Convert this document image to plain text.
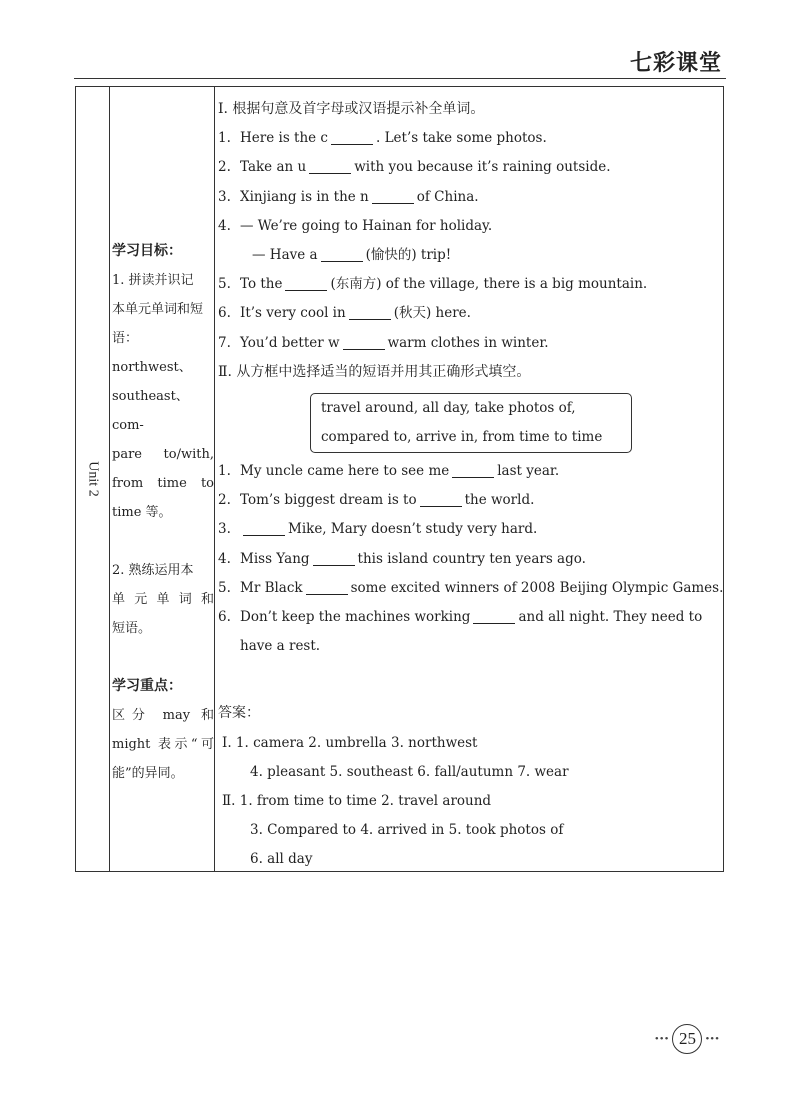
七彩课堂
Unit 2

学习目标：

1. 拼读并识记

本单元单词和短

语：northwest、

southeast、com-

pare to/with,

from time to

time 等。

2. 熟练运用本

单元单词和

短语。

学习重点：

区分 may 和

might 表示“可

能”的异同。

Ⅰ. 根据句意及首字母或汉语提示补全单词。

1. Here is the c	. Let’s take some photos.

2. Take an u	with you because it’s raining outside.

3. Xinjiang is in the n	of China.

4. — We’re going to Hainan for holiday.

— Have a	(愉快的) trip!

5. To the	(东南方) of the village, there is a big mountain.

6. It’s very cool in	(秋天) here.

7. You’d better w	warm clothes in winter.

Ⅱ. 从方框中选择适当的短语并用其正确形式填空。

travel around, all day, take photos of,

compared to, arrive in, from time to time

1. My uncle came here to see me	last year.

2. Tom’s biggest dream is to	the world.

3.	Mike, Mary doesn’t study very hard.

4. Miss Yang	this island country ten years ago.

5. Mr Black	some excited winners of 2008 Beijing Olympic Games.

6. Don’t keep the machines working	and all night. They need to

have a rest.

答案：

Ⅰ. 1. camera 2. umbrella 3. northwest

4. pleasant 5. southeast 6. fall/autumn 7. wear

Ⅱ. 1. from time to time 2. travel around

3. Compared to 4. arrived in 5. took photos of

6. all day

••• 25 •••
